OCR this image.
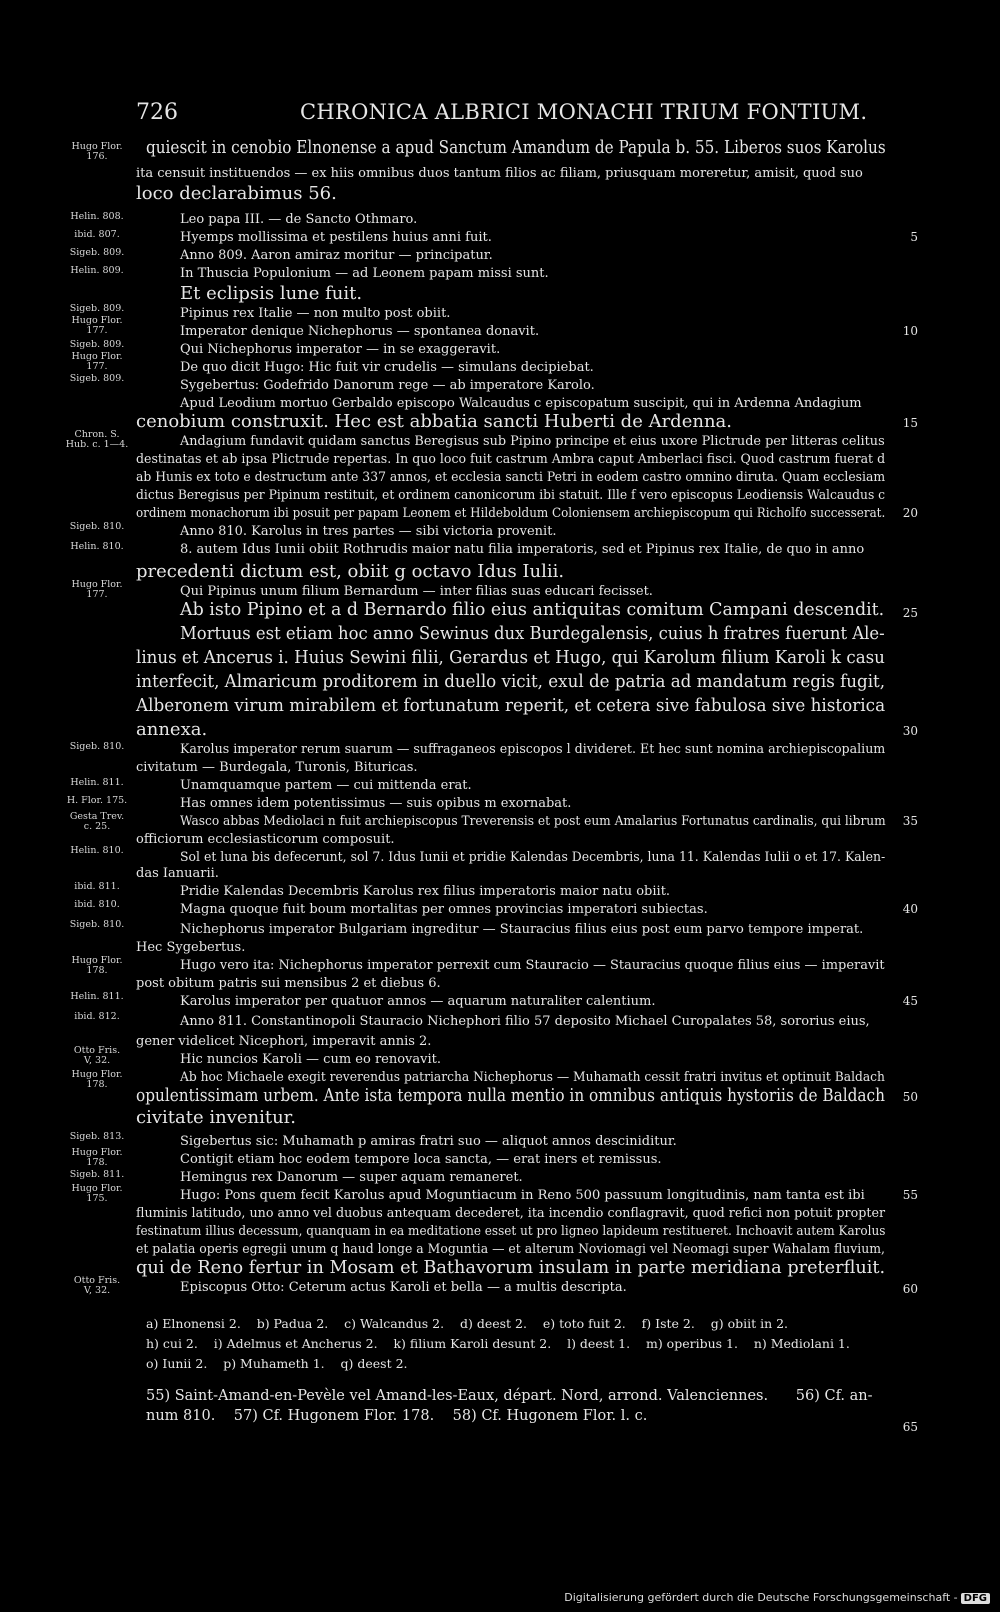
726	CHRONICA ALBRICI MONACHI TRIUM FONTIUM.
Hugo Flor.
176.
Helin. 808.
ibid. 807.
Sigeb. 809.
Helin. 809.
Sigeb. 809.
Hugo Flor.
177.
Sigeb. 809.
Hugo Flor.
177.
Sigeb. 809.
Chron. S.
Hub. c. 1—4.
Sigeb. 810.
Helin. 810.
Hugo Flor.
177.
Sigeb. 810.
Helin. 811.
H. Flor. 175.
Gesta Trev.
c. 25.
Helin. 810.
ibid. 811.
ibid. 810.
Sigeb. 810.
Hugo Flor.
178.
Helin. 811.
ibid. 812.
Otto Fris.
V, 32.
Hugo Flor.
178.
Sigeb. 813.
Hugo Flor.
178.
Sigeb. 811.
Hugo Flor.
175.
Otto Fris.
V, 32.
quiescit in cenobio Elnonense a apud Sanctum Amandum de Papula b. 55. Liberos suos Karolus
ita censuit instituendos — ex hiis omnibus duos tantum filios ac filiam, priusquam moreretur, amisit, quod suo
loco declarabimus 56.
Leo papa III. — de Sancto Othmaro.
Hyemps mollissima et pestilens huius anni fuit.
Anno 809. Aaron amiraz moritur — principatur.
In Thuscia Populonium — ad Leonem papam missi sunt.
Et eclipsis lune fuit.
Pipinus rex Italie — non multo post obiit.
Imperator denique Nichephorus — spontanea donavit.
Qui Nichephorus imperator — in se exaggeravit.
De quo dicit Hugo: Hic fuit vir crudelis — simulans decipiebat.
Sygebertus: Godefrido Danorum rege — ab imperatore Karolo.
Apud Leodium mortuo Gerbaldo episcopo Walcaudus c episcopatum suscipit, qui in Ardenna Andagium
cenobium construxit. Hec est abbatia sancti Huberti de Ardenna.
Andagium fundavit quidam sanctus Beregisus sub Pipino principe et eius uxore Plictrude per litteras celitus
destinatas et ab ipsa Plictrude repertas. In quo loco fuit castrum Ambra caput Amberlaci fisci. Quod castrum fuerat d
ab Hunis ex toto e destructum ante 337 annos, et ecclesia sancti Petri in eodem castro omnino diruta. Quam ecclesiam
dictus Beregisus per Pipinum restituit, et ordinem canonicorum ibi statuit. Ille f vero episcopus Leodiensis Walcaudus c
ordinem monachorum ibi posuit per papam Leonem et Hildeboldum Coloniensem archiepiscopum qui Richolfo successerat.
Anno 810. Karolus in tres partes — sibi victoria provenit.
8. autem Idus Iunii obiit Rothrudis maior natu filia imperatoris, sed et Pipinus rex Italie, de quo in anno
precedenti dictum est, obiit g octavo Idus Iulii.
Qui Pipinus unum filium Bernardum — inter filias suas educari fecisset.
Ab isto Pipino et a d Bernardo filio eius antiquitas comitum Campani descendit.
Mortuus est etiam hoc anno Sewinus dux Burdegalensis, cuius h fratres fuerunt Ale-
linus et Ancerus i. Huius Sewini filii, Gerardus et Hugo, qui Karolum filium Karoli k casu
interfecit, Almaricum proditorem in duello vicit, exul de patria ad mandatum regis fugit,
Alberonem virum mirabilem et fortunatum reperit, et cetera sive fabulosa sive historica
annexa.
Karolus imperator rerum suarum — suffraganeos episcopos l divideret. Et hec sunt nomina archiepiscopalium
civitatum — Burdegala, Turonis, Bituricas.
Unamquamque partem — cui mittenda erat.
Has omnes idem potentissimus — suis opibus m exornabat.
Wasco abbas Mediolaci n fuit archiepiscopus Treverensis et post eum Amalarius Fortunatus cardinalis, qui librum
officiorum ecclesiasticorum composuit.
Sol et luna bis defecerunt, sol 7. Idus Iunii et pridie Kalendas Decembris, luna 11. Kalendas Iulii o et 17. Kalen-
das Ianuarii.
Pridie Kalendas Decembris Karolus rex filius imperatoris maior natu obiit.
Magna quoque fuit boum mortalitas per omnes provincias imperatori subiectas.
Nichephorus imperator Bulgariam ingreditur — Stauracius filius eius post eum parvo tempore imperat.
Hec Sygebertus.
Hugo vero ita: Nichephorus imperator perrexit cum Stauracio — Stauracius quoque filius eius — imperavit
post obitum patris sui mensibus 2 et diebus 6.
Karolus imperator per quatuor annos — aquarum naturaliter calentium.
Anno 811. Constantinopoli Stauracio Nichephori filio 57 deposito Michael Curopalates 58, sororius eius,
gener videlicet Nicephori, imperavit annis 2.
Hic nuncios Karoli — cum eo renovavit.
Ab hoc Michaele exegit reverendus patriarcha Nichephorus — Muhamath cessit fratri invitus et optinuit Baldach
opulentissimam urbem. Ante ista tempora nulla mentio in omnibus antiquis hystoriis de Baldach
civitate invenitur.
Sigebertus sic: Muhamath p amiras fratri suo — aliquot annos desciniditur.
Contigit etiam hoc eodem tempore loca sancta, — erat iners et remissus.
Hemingus rex Danorum — super aquam remaneret.
Hugo: Pons quem fecit Karolus apud Moguntiacum in Reno 500 passuum longitudinis, nam tanta est ibi
fluminis latitudo, uno anno vel duobus antequam decederet, ita incendio conflagravit, quod refici non potuit propter
festinatum illius decessum, quanquam in ea meditatione esset ut pro ligneo lapideum restitueret. Inchoavit autem Karolus
et palatia operis egregii unum q haud longe a Moguntia — et alterum Noviomagi vel Neomagi super Wahalam fluvium,
qui de Reno fertur in Mosam et Bathavorum insulam in parte meridiana preterfluit.
Episcopus Otto: Ceterum actus Karoli et bella — a multis descripta.
5
10
15
20
25
30
35
40
45
50
55
60
65
a) Elnonensi 2.    b) Padua 2.    c) Walcandus 2.    d) deest 2.    e) toto fuit 2.    f) Iste 2.    g) obiit in 2.
h) cui 2.    i) Adelmus et Ancherus 2.    k) filium Karoli desunt 2.    l) deest 1.    m) operibus 1.    n) Mediolani 1.
o) Iunii 2.    p) Muhameth 1.    q) deest 2.
55) Saint-Amand-en-Pevèle vel Amand-les-Eaux, départ. Nord, arrond. Valenciennes.      56) Cf. an-
num 810.    57) Cf. Hugonem Flor. 178.    58) Cf. Hugonem Flor. l. c.
Digitalisierung gefördert durch die Deutsche Forschungsgemeinschaft - DFG
